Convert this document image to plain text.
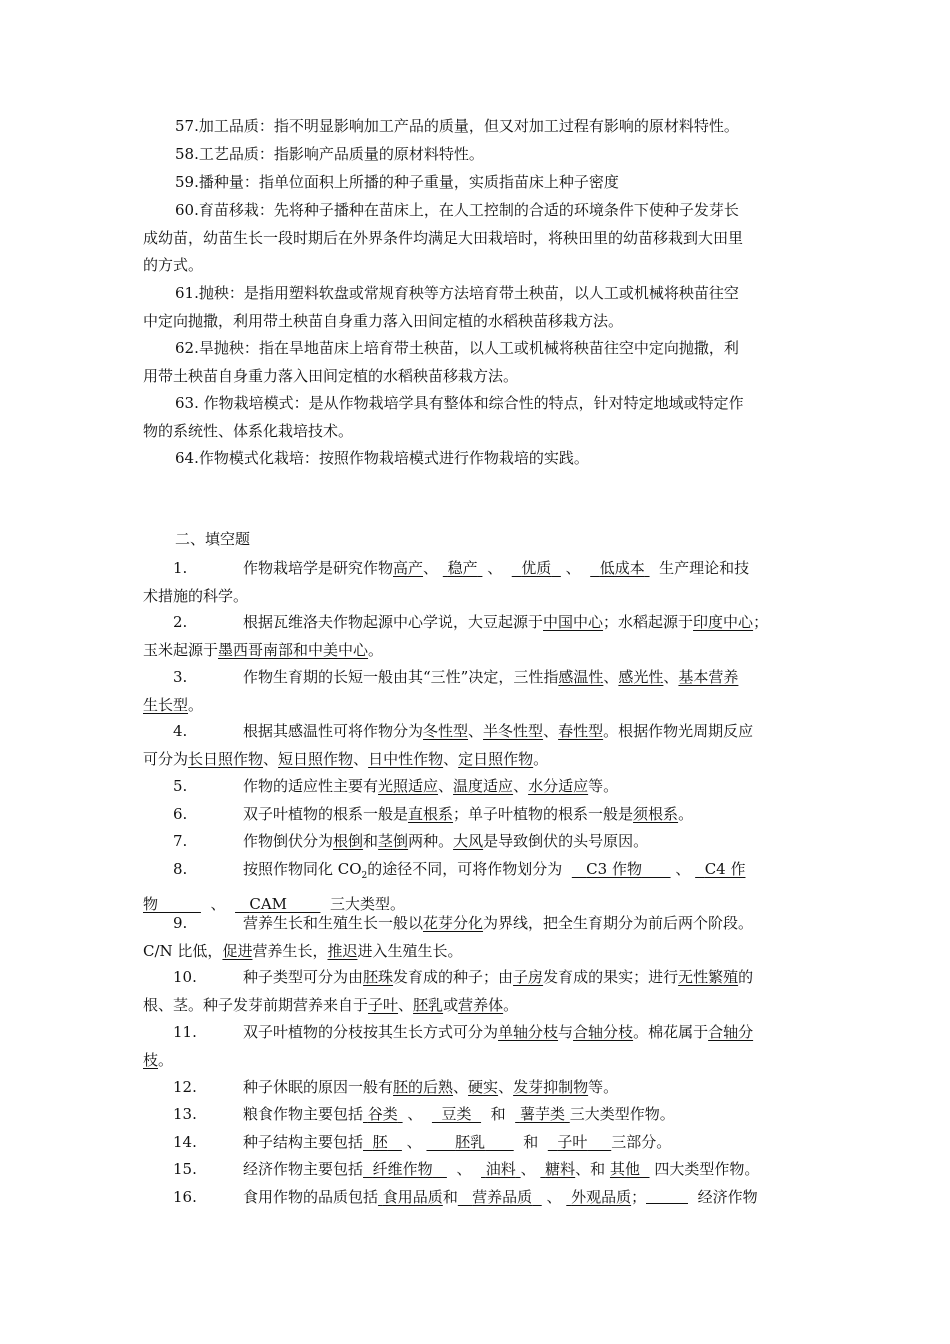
57.加工品质：指不明显影响加工产品的质量，但又对加工过程有影响的原材料特性。
58.工艺品质：指影响产品质量的原材料特性。
59.播种量：指单位面积上所播的种子重量，实质指苗床上种子密度
60.育苗移栽：先将种子播种在苗床上，在人工控制的合适的环境条件下使种子发芽长
成幼苗，幼苗生长一段时期后在外界条件均满足大田栽培时，将秧田里的幼苗移栽到大田里
的方式。
61.抛秧：是指用塑料软盘或常规育秧等方法培育带土秧苗，以人工或机械将秧苗往空
中定向抛撒，利用带土秧苗自身重力落入田间定植的水稻秧苗移栽方法。
62.旱抛秧：指在旱地苗床上培育带土秧苗，以人工或机械将秧苗往空中定向抛撒，利
用带土秧苗自身重力落入田间定植的水稻秧苗移栽方法。
63. 作物栽培模式：是从作物栽培学具有整体和综合性的特点，针对特定地域或特定作
物的系统性、体系化栽培技术。
64.作物模式化栽培：按照作物栽培模式进行作物栽培的实践。
二、填空题
1.	作物栽培学是研究作物高产、 稳产 、 优质 、 低成本 生产理论和技
术措施的科学。
2.	根据瓦维洛夫作物起源中心学说，大豆起源于中国中心；水稻起源于印度中心；
玉米起源于墨西哥南部和中美中心。
3.	作物生育期的长短一般由其“三性”决定，三性指感温性、感光性、基本营养
生长型。
4.	根据其感温性可将作物分为冬性型、半冬性型、春性型。根据作物光周期反应
可分为长日照作物、短日照作物、日中性作物、定日照作物。
5.	作物的适应性主要有光照适应、温度适应、水分适应等。
6.	双子叶植物的根系一般是直根系；单子叶植物的根系一般是须根系。
7.	作物倒伏分为根倒和茎倒两种。大风是导致倒伏的头号原因。
8.	按照作物同化 $CO_2$的途径不同，可将作物划分为 C3 作物 、 C4 作
物	、 CAM	三大类型。
9.	营养生长和生殖生长一般以花芽分化为界线，把全生育期分为前后两个阶段。
C/N 比低，促进营养生长，推迟进入生殖生长。
10.	种子类型可分为由胚珠发育成的种子；由子房发育成的果实；进行无性繁殖的
根、茎。种子发芽前期营养来自于子叶、胚乳或营养体。
11.	双子叶植物的分枝按其生长方式可分为单轴分枝与合轴分枝。棉花属于合轴分
枝。
12.	种子休眠的原因一般有胚的后熟、硬实、发芽抑制物等。
13.	粮食作物主要包括 谷类 、 豆类 和 薯芋类 三大类型作物。
14.	种子结构主要包括 胚 、 胚乳	和 子叶 三部分。
15.	经济作物主要包括 纤维作物 、 油料 、 糖料、和 其他 四大类型作物。
16.	食用作物的品质包括 食用品质和 营养品质 、 外观品质；	经济作物
